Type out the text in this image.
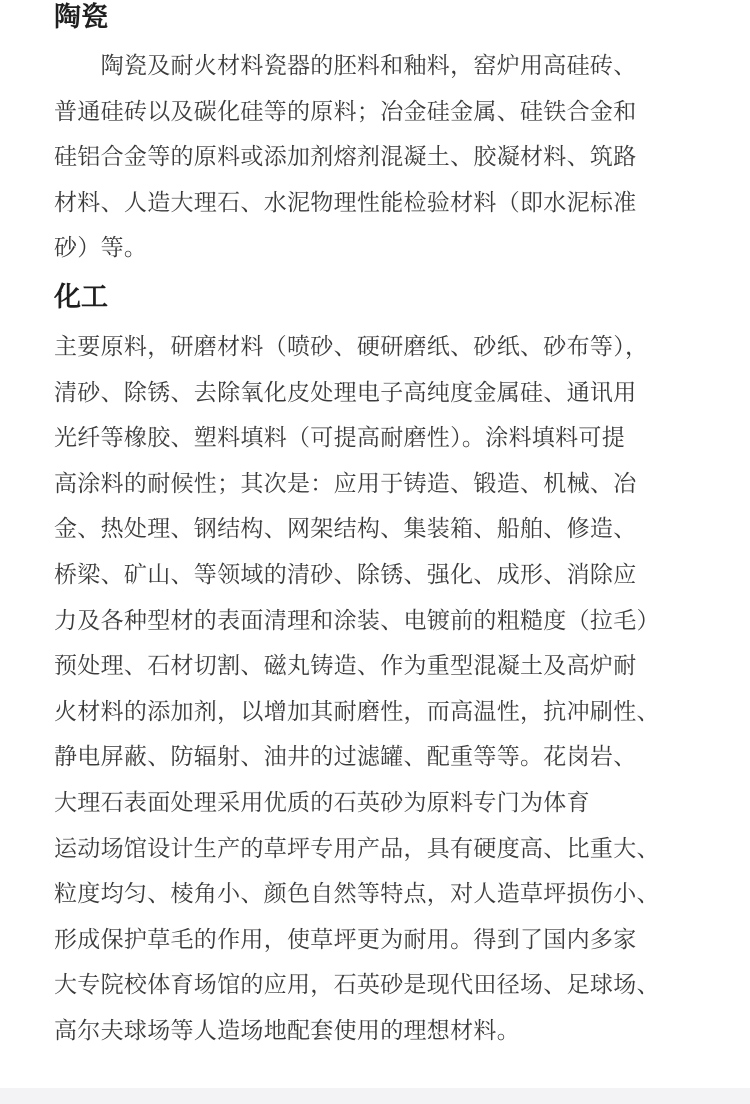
陶瓷

　　陶瓷及耐火材料瓷器的胚料和釉料，窑炉用高硅砖、
普通硅砖以及碳化硅等的原料；冶金硅金属、硅铁合金和
硅铝合金等的原料或添加剂熔剂混凝土、胶凝材料、筑路
材料、人造大理石、水泥物理性能检验材料（即水泥标准
砂）等。

化工

主要原料，研磨材料（喷砂、硬研磨纸、砂纸、砂布等），
清砂、除锈、去除氧化皮处理电子高纯度金属硅、通讯用
光纤等橡胶、塑料填料（可提高耐磨性）。涂料填料可提
高涂料的耐候性；其次是：应用于铸造、锻造、机械、冶
金、热处理、钢结构、网架结构、集装箱、船舶、修造、
桥梁、矿山、等领域的清砂、除锈、强化、成形、消除应
力及各种型材的表面清理和涂装、电镀前的粗糙度（拉毛）
预处理、石材切割、磁丸铸造、作为重型混凝土及高炉耐
火材料的添加剂，以增加其耐磨性，而高温性，抗冲刷性、
静电屏蔽、防辐射、油井的过滤罐、配重等等。花岗岩、
大理石表面处理采用优质的石英砂为原料专门为体育
运动场馆设计生产的草坪专用产品，具有硬度高、比重大、
粒度均匀、棱角小、颜色自然等特点，对人造草坪损伤小、
形成保护草毛的作用，使草坪更为耐用。得到了国内多家
大专院校体育场馆的应用，石英砂是现代田径场、足球场、
高尔夫球场等人造场地配套使用的理想材料。
